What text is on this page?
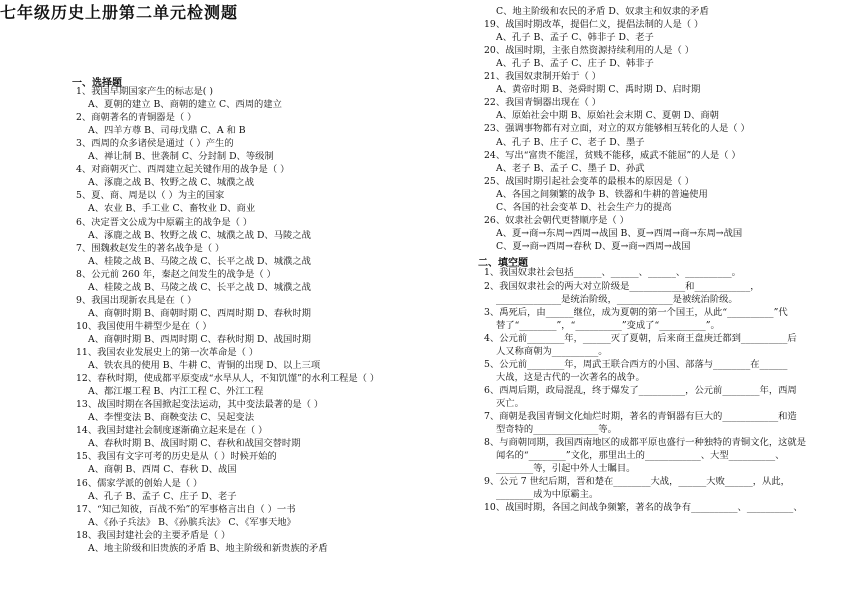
一、选择题
1、我国早期国家产生的标志是( )
A、夏朝的建立 B、商朝的建立 C、西周的建立
2、商朝著名的青铜器是（ ）
A、四羊方尊 B、司母戊鼎 C、A 和 B
3、西周的众多诸侯是通过（ ）产生的
A、禅让制 B、世袭制 C、分封制 D、等级制
4、对商朝灭亡、西周建立起关键作用的战争是（ ）
A、涿鹿之战 B、牧野之战 C、城濮之战
5、夏、商、周是以（ ）为主的国家
A、农业 B、手工业 C、畜牧业 D、商业
6、决定晋文公成为中原霸主的战争是（ ）
A、涿鹿之战 B、牧野之战 C、城濮之战 D、马陵之战
7、围魏救赵发生的著名战争是（ ）
A、桂陵之战 B、马陵之战 C、长平之战 D、城濮之战
8、公元前 260 年，秦赵之间发生的战争是（ ）
A、桂陵之战 B、马陵之战 C、长平之战 D、城濮之战
9、我国出现新农具是在（ ）
A、商朝时期 B、商朝时期 C、西周时期 D、春秋时期
10、我国使用牛耕型少是在（ ）
A、商朝时期 B、西周时期 C、春秋时期 D、战国时期
11、我国农业发展史上的第一次革命是（ ）
A、铁农具的使用 B、牛耕 C、青铜的出现 D、以上三项
12、春秋时期，使成都平原变成“水旱从人，不知饥馑”的水利工程是（ ）
A、都江堰工程 B、内江工程 C、外江工程
13、战国时期在各国掀起变法运动，其中变法最著的是（ ）
A、李悝变法 B、商鞅变法 C、吴起变法
14、我国封建社会制度逐渐确立起来是在（ ）
A、春秋时期 B、战国时期 C、春秋和战国交替时期
15、我国有文字可考的历史是从（ ）时候开始的
A、商朝 B、西周 C、春秋 D、战国
16、儒家学派的创始人是（ ）
A、孔子 B、孟子 C、庄子 D、老子
17、“知己知彼，百战不殆”的军事格言出自（ ）一书
A、《孙子兵法》 B、《孙膑兵法》 C、《军事天地》
18、我国封建社会的主要矛盾是（ ）
A、地主阶级和旧贵族的矛盾 B、地主阶级和新贵族的矛盾
C、地主阶级和农民的矛盾 D、奴隶主和奴隶的矛盾
19、战国时期改革，提倡仁义，提倡法制的人是（ ）
A、孔子 B、孟子 C、韩非子 D、老子
20、战国时期，主张自然资源持续利用的人是（ ）
A、孔子 B、孟子 C、庄子 D、韩非子
21、我国奴隶制开始于（ ）
A、黄帝时期 B、尧舜时期 C、禹时期 D、启时期
22、我国青铜器出现在（ ）
A、原始社会中期 B、原始社会末期 C、夏朝 D、商朝
23、强调事物都有对立面，对立的双方能够相互转化的人是（ ）
A、孔子 B、庄子 C、老子 D、墨子
24、写出“富贵不能淫，贫贱不能移，威武不能屈”的人是（ ）
A、老子 B、孟子 C、墨子 D、孙武
25、战国时期引起社会变革的最根本的原因是（ ）
A、各国之间频繁的战争 B、铁器和牛耕的普遍使用
C、各国的社会变革 D、社会生产力的提高
26、奴隶社会朝代更替顺序是（ ）
A、夏→商→东周→西周→战国 B、夏→西周→商→东周→战国
C、夏→商→西周→春秋 D、夏→商→西周→战国
1、我国奴隶社会包括______、______、______、__________。
2、我国奴隶社会的两大对立阶级是____________和____________，
______________是统治阶级，____________是被统治阶级。
3、禹死后，由______继位，成为夏朝的第一个国王，从此“__________”代
替了“________”，“__________”变成了“__________”。
4、公元前________年，______灭了夏朝，后来商王盘庚迁都到__________后
人又称商朝为__________。
5、公元前________年，周武王联合西方的小国、部落与________在______
大战，这是古代的一次著名的战争。
6、西周后期，政局混乱，终于爆发了__________，公元前________年，西周
灭亡。
7、商朝是我国青铜文化灿烂时期，著名的青铜器有巨大的____________和造
型奇特的______________等。
8、与商朝同期，我国西南地区的成都平原也盛行一种独特的青铜文化，这就是
闻名的“________”文化，那里出土的____________、大型__________、
________等，引起中外人士瞩目。
9、公元 7 世纪后期，晋和楚在________大战，______大败______，从此，
________成为中原霸主。
10、战国时期，各国之间战争频繁，著名的战争有__________、__________、
二、填空题
七年级历史上册第二单元检测题
